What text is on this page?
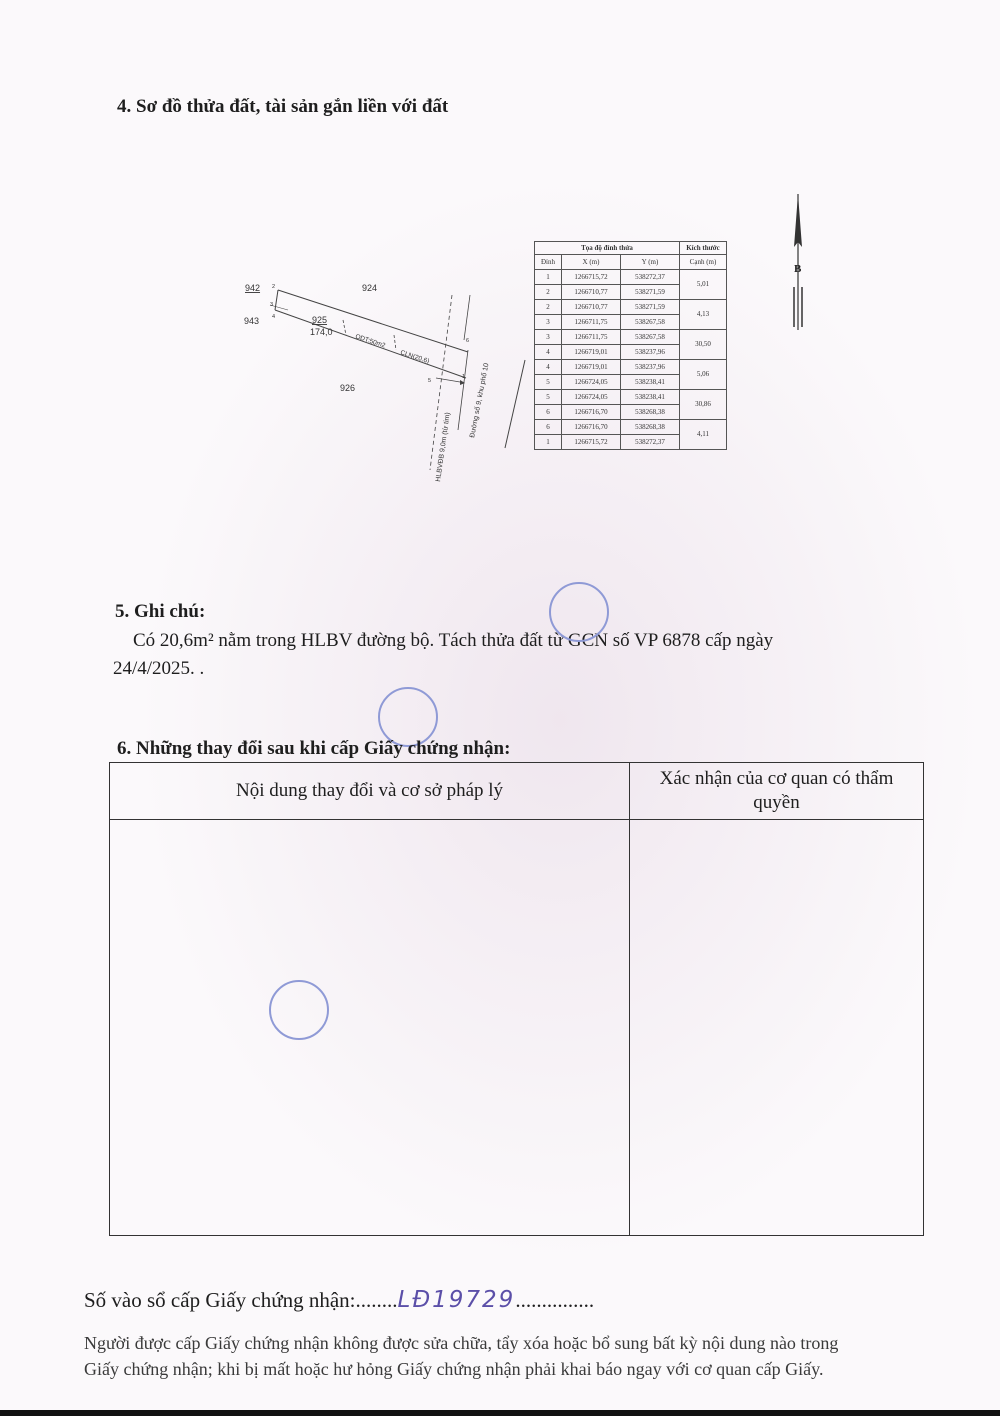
4. Sơ đồ thửa đất, tài sản gắn liền với đất
942
943
924
925
174,0
926
ODT:50m2
CLN(20,6)
Đường số 9, khu phố 10
HLBVĐB 9,0m (từ tim)
1
2
3
4
5
6
Tọa độ đỉnh thửa			Kích thước
Đỉnh	X (m)	Y (m)	Cạnh (m)
1	1266715,72	538272,37	5,01
2	1266710,77	538271,59	
2	1266710,77	538271,59	4,13
3	1266711,75	538267,58	
3	1266711,75	538267,58	30,50
4	1266719,01	538237,96	
4	1266719,01	538237,96	5,06
5	1266724,05	538238,41	
5	1266724,05	538238,41	30,86
6	1266716,70	538268,38	
6	1266716,70	538268,38	4,11
1	1266715,72	538272,37	
B
5. Ghi chú:
Có 20,6m² nằm trong HLBV đường bộ. Tách thửa đất từ GCN số VP 6878 cấp ngày
24/4/2025. .
6. Những thay đổi sau khi cấp Giấy chứng nhận:
Nội dung thay đổi và cơ sở pháp lý	Xác nhận của cơ quan có thẩm
quyền

Số vào sổ cấp Giấy chứng nhận:........LĐ19729...............
Người được cấp Giấy chứng nhận không được sửa chữa, tẩy xóa hoặc bổ sung bất kỳ nội dung nào trong
Giấy chứng nhận; khi bị mất hoặc hư hỏng Giấy chứng nhận phải khai báo ngay với cơ quan cấp Giấy.
